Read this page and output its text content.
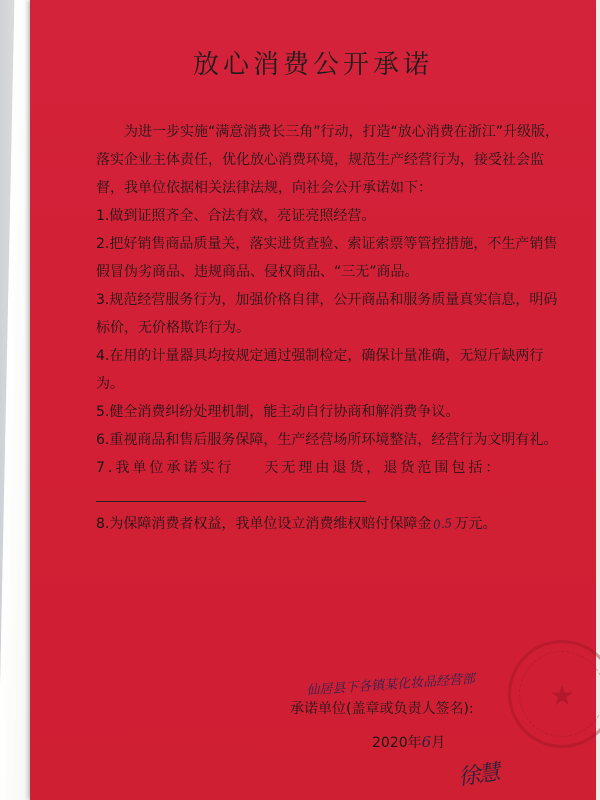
放心消费公开承诺

为进一步实施“满意消费长三角”行动，打造“放心消费在浙江”升级版，落实企业主体责任，优化放心消费环境，规范生产经营行为，接受社会监督，我单位依据相关法律法规，向社会公开承诺如下：

1.做到证照齐全、合法有效，亮证亮照经营。

2.把好销售商品质量关，落实进货查验、索证索票等管控措施，不生产销售假冒伪劣商品、违规商品、侵权商品、“三无”商品。

3.规范经营服务行为，加强价格自律，公开商品和服务质量真实信息，明码标价，无价格欺诈行为。

4.在用的计量器具均按规定通过强制检定，确保计量准确，无短斤缺两行为。

5.健全消费纠纷处理机制，能主动自行协商和解消费争议。

6.重视商品和售后服务保障，生产经营场所环境整洁，经营行为文明有礼。

7.我单位承诺实行 天无理由退货，退货范围包括：

8.为保障消费者权益，我单位设立消费维权赔付保障金0.5万元。

★
仙居县下各镇某化妆品经营部
承诺单位(盖章或负责人签名):
2020年6月
徐慧
